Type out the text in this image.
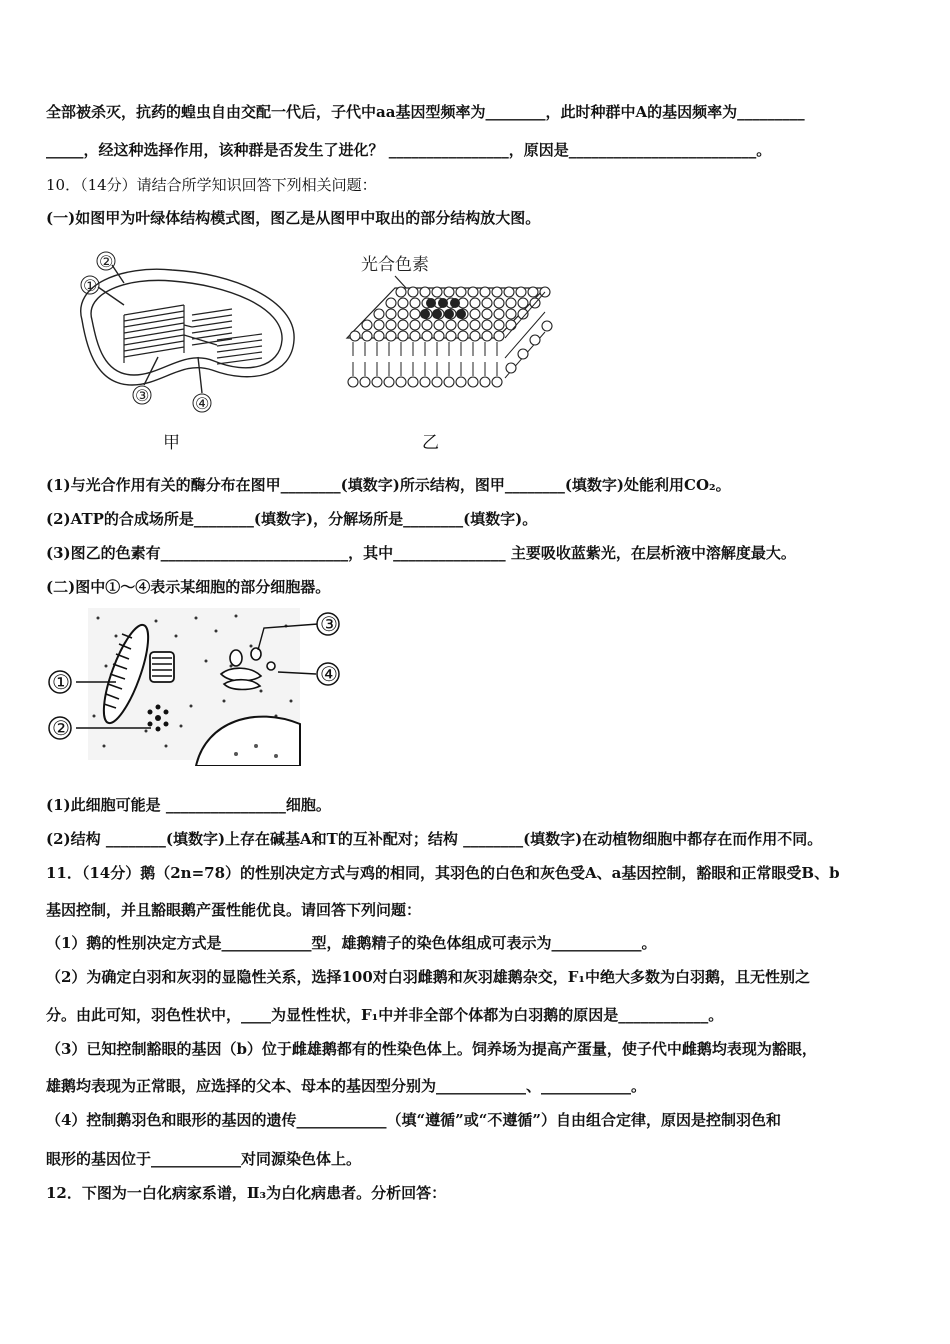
全部被杀灭，抗药的蝗虫自由交配一代后，子代中aa基因型频率为________，此时种群中A的基因频率为_________
_____，经这种选择作用，该种群是否发生了进化？ ________________，原因是_________________________。
10．（14分）请结合所学知识回答下列相关问题：
(一)如图甲为叶绿体结构模式图，图乙是从图甲中取出的部分结构放大图。
②
①
③	④
甲
光合色素
乙
(1)与光合作用有关的酶分布在图甲________(填数字)所示结构，图甲________(填数字)处能利用CO₂。
(2)ATP的合成场所是________(填数字)，分解场所是________(填数字)。
(3)图乙的色素有_________________________，其中_______________ 主要吸收蓝紫光，在层析液中溶解度最大。
(二)图中①～④表示某细胞的部分细胞器。
①
②
③
④
(1)此细胞可能是 ________________细胞。
(2)结构 ________(填数字)上存在碱基A和T的互补配对；结构 ________(填数字)在动植物细胞中都存在而作用不同。
11．（14分）鹅（2n=78）的性别决定方式与鸡的相同，其羽色的白色和灰色受A、a基因控制，豁眼和正常眼受B、b
基因控制，并且豁眼鹅产蛋性能优良。请回答下列问题：
（1）鹅的性别决定方式是____________型，雄鹅精子的染色体组成可表示为____________。
（2）为确定白羽和灰羽的显隐性关系，选择100对白羽雌鹅和灰羽雄鹅杂交，F₁中绝大多数为白羽鹅，且无性别之
分。由此可知，羽色性状中，____为显性性状，F₁中并非全部个体都为白羽鹅的原因是____________。
（3）已知控制豁眼的基因（b）位于雌雄鹅都有的性染色体上。饲养场为提高产蛋量，使子代中雌鹅均表现为豁眼，
雄鹅均表现为正常眼，应选择的父本、母本的基因型分别为____________、____________。
（4）控制鹅羽色和眼形的基因的遗传____________（填“遵循”或“不遵循”）自由组合定律，原因是控制羽色和
眼形的基因位于____________对同源染色体上。
12．下图为一白化病家系谱，Ⅱ₃为白化病患者。分析回答：
